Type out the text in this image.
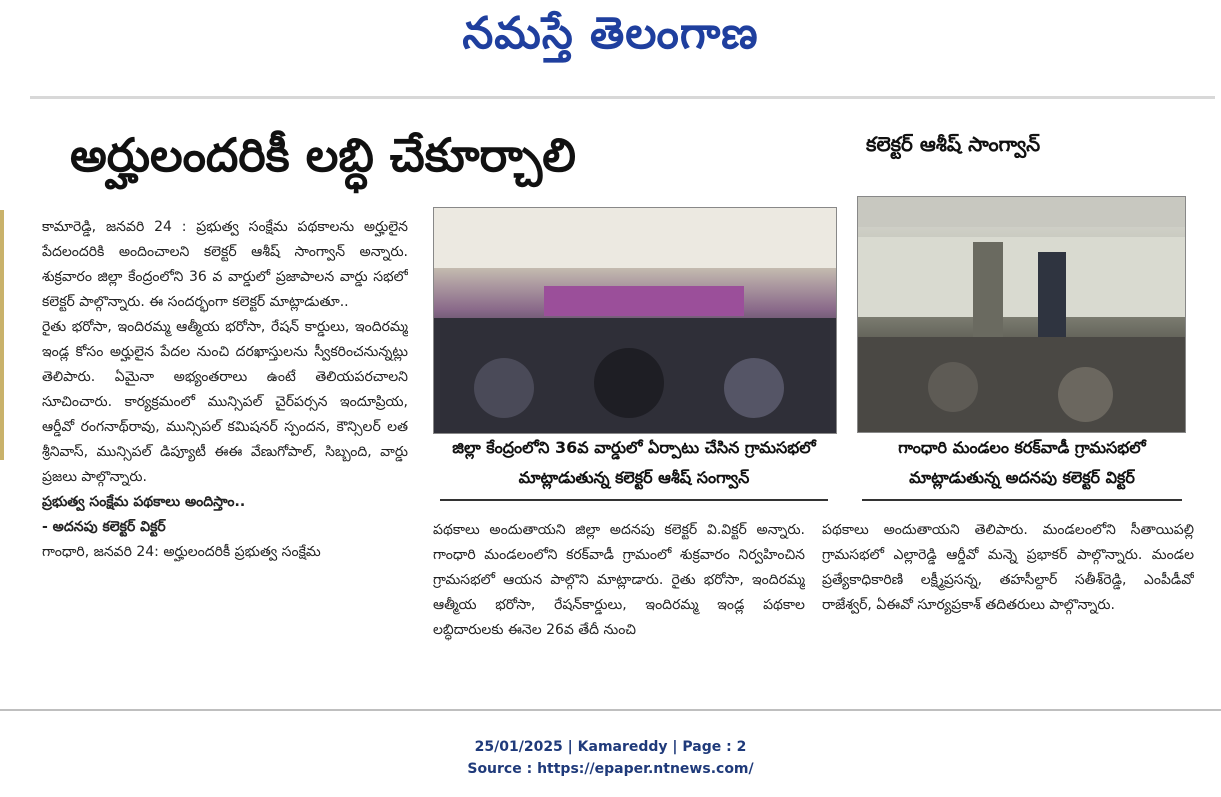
నమస్తే తెలంగాణ
అర్హులందరికీ లబ్ధి చేకూర్చాలి	కలెక్టర్ ఆశీష్ సాంగ్వాన్

కామారెడ్డి, జనవరి 24 : ప్రభుత్వ సంక్షేమ పథకాలను అర్హులైన పేదలందరికి అందించాలని కలెక్టర్ ఆశీష్ సాంగ్వాన్ అన్నారు. శుక్రవారం జిల్లా కేంద్రంలోని 36 వ వార్డులో ప్రజాపాలన వార్డు సభలో కలెక్టర్ పాల్గొన్నారు. ఈ సందర్భంగా కలెక్టర్ మాట్లాడుతూ..

రైతు భరోసా, ఇందిరమ్మ ఆత్మీయ భరోసా, రేషన్ కార్డులు, ఇందిరమ్మ ఇండ్ల కోసం అర్హులైన పేదల నుంచి దరఖాస్తులను స్వీకరించనున్నట్లు తెలిపారు. ఏమైనా అభ్యంతరాలు ఉంటే తెలియపరచాలని సూచించారు. కార్యక్రమంలో మున్సిపల్ చైర్‌పర్సన ఇందూప్రియ, ఆర్డీవో రంగనాథ్‌రావు, మున్సిపల్ కమిషనర్ స్పందన, కౌన్సిలర్ లత శ్రీనివాస్, మున్సిపల్ డిప్యూటీ ఈఈ వేణుగోపాల్, సిబ్బంది, వార్డు ప్రజలు పాల్గొన్నారు.

ప్రభుత్వ సంక్షేమ పథకాలు అందిస్తాం..

- అదనపు కలెక్టర్ విక్టర్

గాంధారి, జనవరి 24: అర్హులందరికీ ప్రభుత్వ సంక్షేమ

జిల్లా కేంద్రంలోని 36వ వార్డులో ఏర్పాటు చేసిన గ్రామసభలో మాట్లాడుతున్న కలెక్టర్ ఆశీష్ సంగ్వాన్
గాంధారి మండలం కరక్‌వాడీ గ్రామసభలో మాట్లాడుతున్న అదనపు కలెక్టర్ విక్టర్
పథకాలు అందుతాయని జిల్లా అదనపు కలెక్టర్ వి.విక్టర్ అన్నారు. గాంధారి మండలంలోని కరక్‌వాడీ గ్రామంలో శుక్రవారం నిర్వహించిన గ్రామసభలో ఆయన పాల్గొని మాట్లాడారు. రైతు భరోసా, ఇందిరమ్మ ఆత్మీయ భరోసా, రేషన్‌కార్డులు, ఇందిరమ్మ ఇండ్ల పథకాల లబ్ధిదారులకు ఈనెల 26వ తేదీ నుంచి
పథకాలు అందుతాయని తెలిపారు. మండలంలోని సీతాయిపల్లి గ్రామసభలో ఎల్లారెడ్డి ఆర్డీవో మన్నె ప్రభాకర్ పాల్గొన్నారు. మండల ప్రత్యేకాధికారిణి లక్ష్మీప్రసన్న, తహసీల్దార్ సతీశ్‌రెడ్డి, ఎంపీడీవో రాజేశ్వర్, ఏఈవో సూర్యప్రకాశ్ తదితరులు పాల్గొన్నారు.
25/01/2025 | Kamareddy | Page : 2
Source : https://epaper.ntnews.com/
